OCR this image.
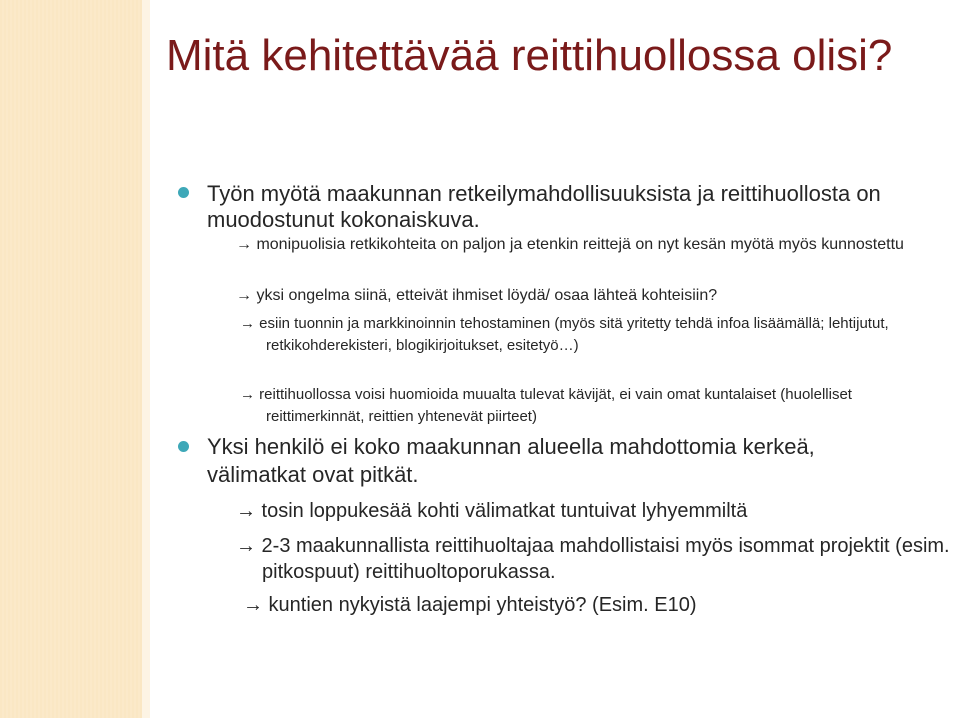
Mitä kehitettävää reittihuollossa olisi?
Työn myötä maakunnan retkeilymahdollisuuksista ja reittihuollosta on muodostunut kokonaiskuva.
→ monipuolisia retkikohteita on paljon ja etenkin reittejä on nyt kesän myötä myös kunnostettu
→ yksi ongelma siinä, etteivät ihmiset löydä/ osaa lähteä kohteisiin?
→ esiin tuonnin ja markkinoinnin tehostaminen (myös sitä yritetty tehdä infoa lisäämällä; lehtijutut, retkikohderekisteri, blogikirjoitukset, esitetyö…)
→ reittihuollossa voisi huomioida muualta tulevat kävijät, ei vain omat kuntalaiset (huolelliset reittimerkinnät, reittien yhtenevät piirteet)
Yksi henkilö ei koko maakunnan alueella mahdottomia kerkeä, välimatkat ovat pitkät.
→ tosin loppukesää kohti välimatkat tuntuivat lyhyemmiltä
→ 2-3 maakunnallista reittihuoltajaa mahdollistaisi myös isommat projektit (esim. pitkospuut) reittihuoltoporukassa.
→ kuntien nykyistä laajempi yhteistyö? (Esim. E10)
